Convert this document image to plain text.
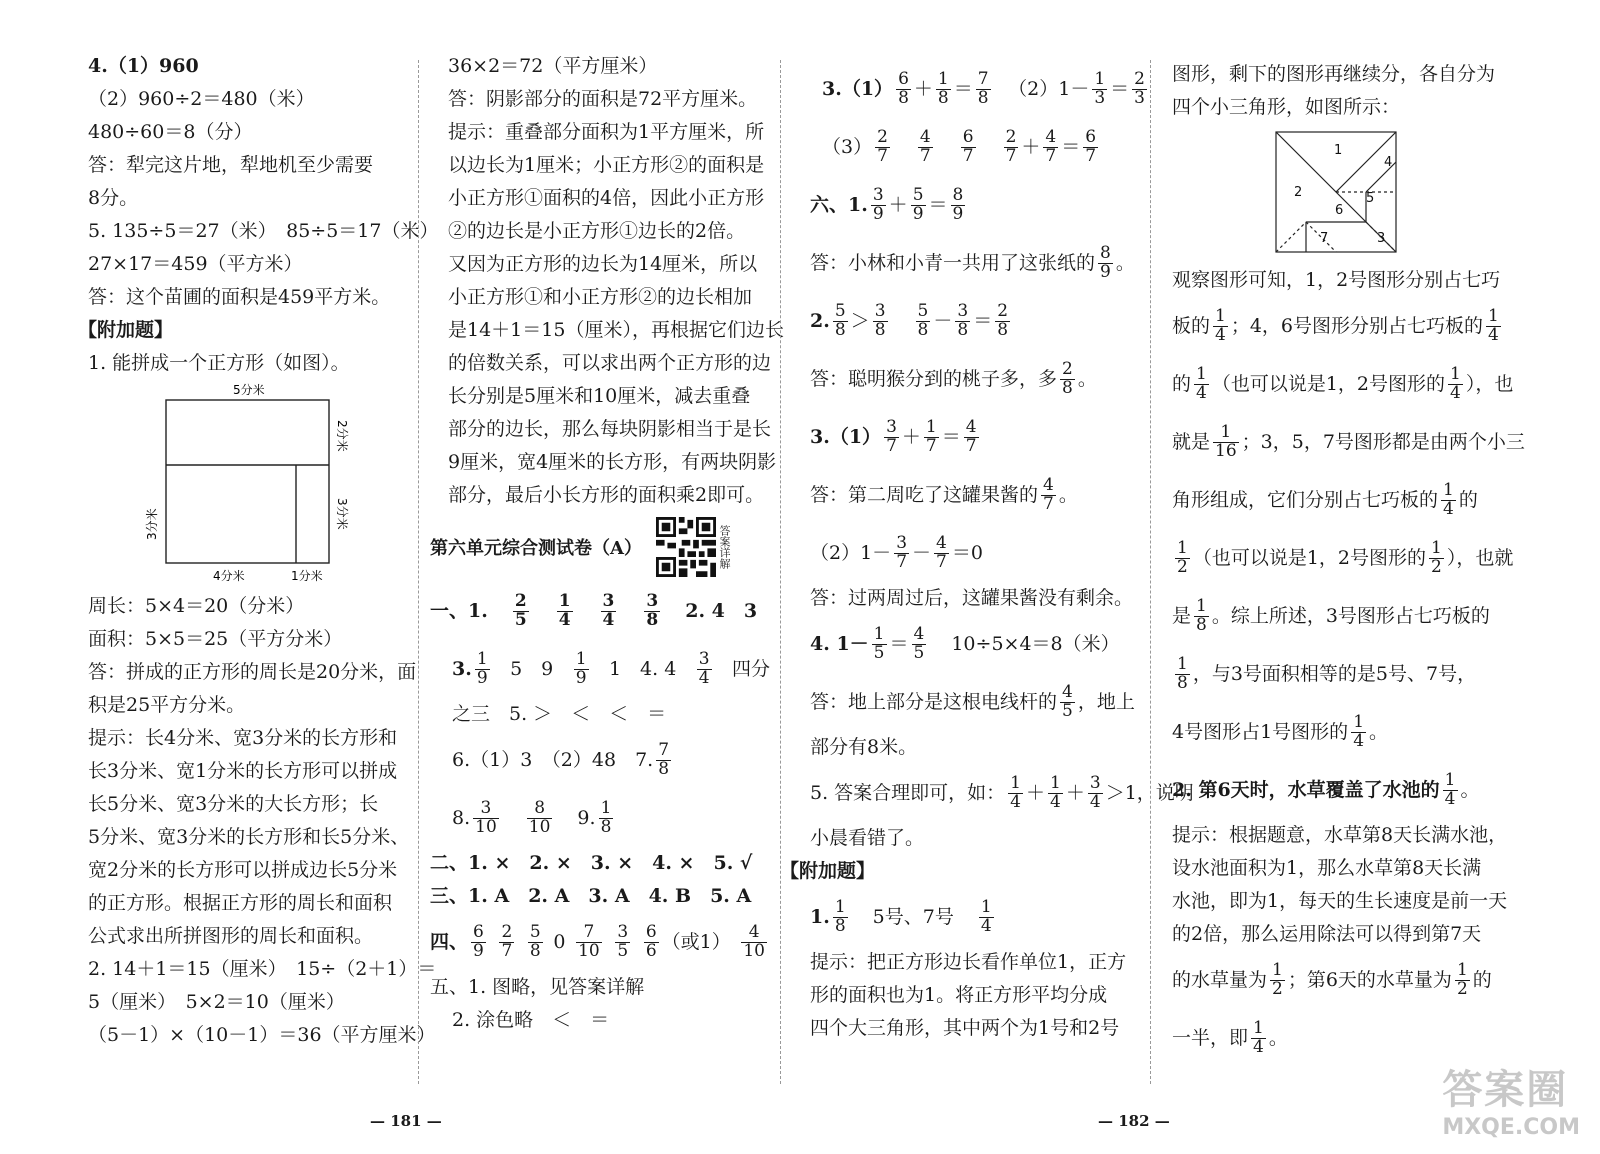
4.（1）960
（2）960÷2＝480（米）
480÷60＝8（分）
答：犁完这片地，犁地机至少需要
8分。
5. 135÷5＝27（米）　85÷5＝17（米）
27×17＝459（平方米）
答：这个苗圃的面积是459平方米。
【附加题】
1. 能拼成一个正方形（如图）。
5分米
2分米
3分米
3分米
4分米	1分米
周长：5×4＝20（分米）
面积：5×5＝25（平方分米）
答：拼成的正方形的周长是20分米，面
积是25平方分米。
提示：长4分米、宽3分米的长方形和
长3分米、宽1分米的长方形可以拼成
长5分米、宽3分米的大长方形；长
5分米、宽3分米的长方形和长5分米、
宽2分米的长方形可以拼成边长5分米
的正方形。根据正方形的周长和面积
公式求出所拼图形的周长和面积。
2. 14＋1＝15（厘米）　15÷（2＋1）＝
5（厘米）　5×2＝10（厘米）
（5－1）×（10－1）＝36（平方厘米）
36×2＝72（平方厘米）
答：阴影部分的面积是72平方厘米。
提示：重叠部分面积为1平方厘米，所
以边长为1厘米；小正方形②的面积是
小正方形①面积的4倍，因此小正方形
②的边长是小正方形①边长的2倍。
又因为正方形的边长为14厘米，所以
小正方形①和小正方形②的边长相加
是14＋1＝15（厘米），再根据它们边长
的倍数关系，可以求出两个正方形的边
长分别是5厘米和10厘米，减去重叠
部分的边长，那么每块阴影相当于是长
9厘米，宽4厘米的长方形，有两块阴影
部分，最后小长方形的面积乘2即可。
第六单元综合测试卷（A）	答案详解
一、1. $\frac{2}{5} \frac{1}{4} \frac{3}{4} \frac{3}{8} 2$. 4　3
3. $\frac{1}{9} 5$　$9 \frac{1}{9} 1$　4. $4 \frac{3}{4}$ 四分
之三　5. ＞　＜　＜　＝
6.（1）3　（2）48　7. $\frac{7}{8}$
8. $\frac{3}{10} \frac{8}{10} 9$. $\frac{1}{8}$
二、1. ×　2. ×　3. ×　4. ×　5. √
三、1. A　2. A　3. A　4. B　5. A
四、 $\frac{6}{9} \frac{2}{7} \frac{5}{8} 0 \frac{7}{10} \frac{3}{5} \frac{6}{6}$ （或$1) \frac{4}{10}$
五、1. 图略，见答案详解
2. 涂色略　＜　＝
— 181 —
$3.(1) \frac{6}{8} + \frac{1}{8} = \frac{7}{8} (2)1- \frac{1}{3} = \frac{2}{3}$
$(3) \frac{2}{7} \frac{4}{7} \frac{6}{7} \frac{2}{7} + \frac{4}{7} = \frac{6}{7}$
六、1. $\frac{3}{9} + \frac{5}{9} = \frac{8}{9}$
答：小林和小青一共用了这张纸的 $\frac{8}{9}$ 。
2. $\frac{5}{8} > \frac{3}{8} \frac{5}{8} - \frac{3}{8} = \frac{2}{8}$
答：聪明猴分到的桃子多，多 $\frac{2}{8}$ 。
$3.(1) \frac{3}{7} + \frac{1}{7} = \frac{4}{7}$
答：第二周吃了这罐果酱的 $\frac{4}{7}$ 。
$(2)1- \frac{3}{7} - \frac{4}{7} =0$
答：过两周过后，这罐果酱没有剩余。
4. $1- \frac{1}{5} = \frac{4}{5} 10\div 5\times 4=8$（米）
答：地上部分是这根电线杆的 $\frac{4}{5}$ ，地上
部分有8米。
5. 答案合理即可，如： $\frac{1}{4} + \frac{1}{4} + \frac{3}{4} >1$，说明
小晨看错了。
【附加题】
1. $\frac{1}{8} 5$号、7号 $\frac{1}{4}$
提示：把正方形边长看作单位1，正方
形的面积也为1。将正方形平均分成
四个大三角形，其中两个为1号和2号
— 182 —
图形，剩下的图形再继续分，各自分为
四个小三角形，如图所示：
1
2
3
4
5
6
7
观察图形可知，1，2号图形分别占七巧
板的 $\frac{1}{4}$ ；4，6号图形分别占七巧板的 $\frac{1}{4}$
的 $\frac{1}{4}$ （也可以说是1，2号图形的 $\frac{1}{4}$ ），也
就是 $\frac{1}{16}$ ；3，5，7号图形都是由两个小三
角形组成，它们分别占七巧板的 $\frac{1}{4}$ 的
$\frac{1}{2}$ （也可以说是1，2号图形的 $\frac{1}{2}$ ），也就
是 $\frac{1}{8}$ 。综上所述，3号图形占七巧板的
$\frac{1}{8}$ ，与3号面积相等的是5号、7号，
4号图形占1号图形的 $\frac{1}{4}$ 。
2. 第6天时，水草覆盖了水池的 $\frac{1}{4}$ 。
提示：根据题意，水草第8天长满水池，
设水池面积为1，那么水草第8天长满
水池，即为1，每天的生长速度是前一天
的2倍，那么运用除法可以得到第7天
的水草量为 $\frac{1}{2}$ ；第6天的水草量为 $\frac{1}{2}$ 的
一半，即 $\frac{1}{4}$ 。
答案圈
MXQE.COM
